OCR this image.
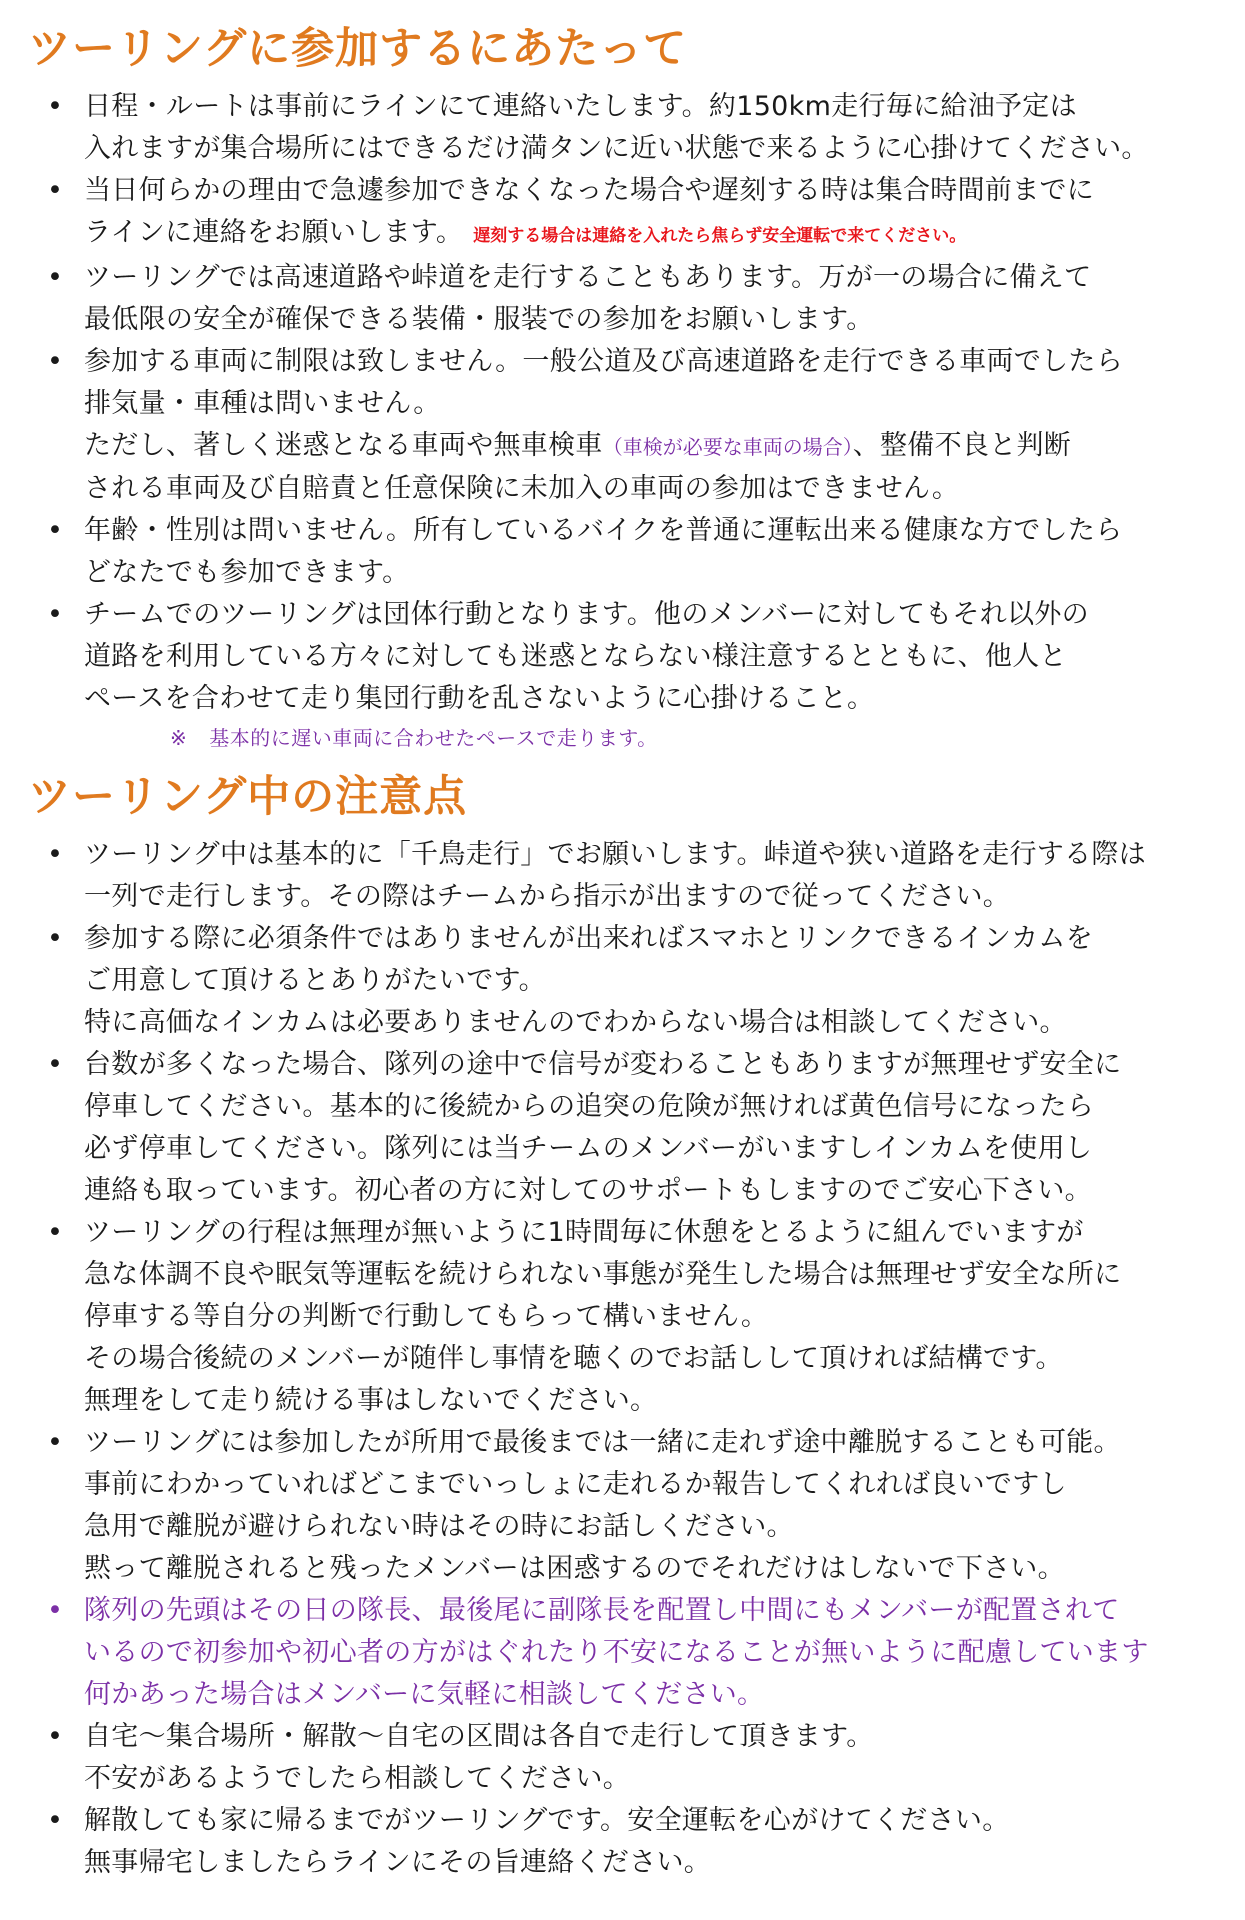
ツーリングに参加するにあたって
• 日程・ルートは事前にラインにて連絡いたします。約150km走行毎に給油予定は
入れますが集合場所にはできるだけ満タンに近い状態で来るように心掛けてください。
• 当日何らかの理由で急遽参加できなくなった場合や遅刻する時は集合時間前までに
ラインに連絡をお願いします。 遅刻する場合は連絡を入れたら焦らず安全運転で来てください。
• ツーリングでは高速道路や峠道を走行することもあります。万が一の場合に備えて
最低限の安全が確保できる装備・服装での参加をお願いします。
• 参加する車両に制限は致しません。一般公道及び高速道路を走行できる車両でしたら
排気量・車種は問いません。
ただし、著しく迷惑となる車両や無車検車（車検が必要な車両の場合）、整備不良と判断
される車両及び自賠責と任意保険に未加入の車両の参加はできません。
• 年齢・性別は問いません。所有しているバイクを普通に運転出来る健康な方でしたら
どなたでも参加できます。
• チームでのツーリングは団体行動となります。他のメンバーに対してもそれ以外の
道路を利用している方々に対しても迷惑とならない様注意するとともに、他人と
ペースを合わせて走り集団行動を乱さないように心掛けること。
※ 基本的に遅い車両に合わせたペースで走ります。
ツーリング中の注意点
• ツーリング中は基本的に「千鳥走行」でお願いします。峠道や狭い道路を走行する際は
一列で走行します。その際はチームから指示が出ますので従ってください。
• 参加する際に必須条件ではありませんが出来ればスマホとリンクできるインカムを
ご用意して頂けるとありがたいです。
特に高価なインカムは必要ありませんのでわからない場合は相談してください。
• 台数が多くなった場合、隊列の途中で信号が変わることもありますが無理せず安全に
停車してください。基本的に後続からの追突の危険が無ければ黄色信号になったら
必ず停車してください。隊列には当チームのメンバーがいますしインカムを使用し
連絡も取っています。初心者の方に対してのサポートもしますのでご安心下さい。
• ツーリングの行程は無理が無いように1時間毎に休憩をとるように組んでいますが
急な体調不良や眠気等運転を続けられない事態が発生した場合は無理せず安全な所に
停車する等自分の判断で行動してもらって構いません。
その場合後続のメンバーが随伴し事情を聴くのでお話しして頂ければ結構です。
無理をして走り続ける事はしないでください。
• ツーリングには参加したが所用で最後までは一緒に走れず途中離脱することも可能。
事前にわかっていればどこまでいっしょに走れるか報告してくれれば良いですし
急用で離脱が避けられない時はその時にお話しください。
黙って離脱されると残ったメンバーは困惑するのでそれだけはしないで下さい。
• 隊列の先頭はその日の隊長、最後尾に副隊長を配置し中間にもメンバーが配置されて
いるので初参加や初心者の方がはぐれたり不安になることが無いように配慮しています
何かあった場合はメンバーに気軽に相談してください。
• 自宅～集合場所・解散～自宅の区間は各自で走行して頂きます。
不安があるようでしたら相談してください。
• 解散しても家に帰るまでがツーリングです。安全運転を心がけてください。
無事帰宅しましたらラインにその旨連絡ください。
